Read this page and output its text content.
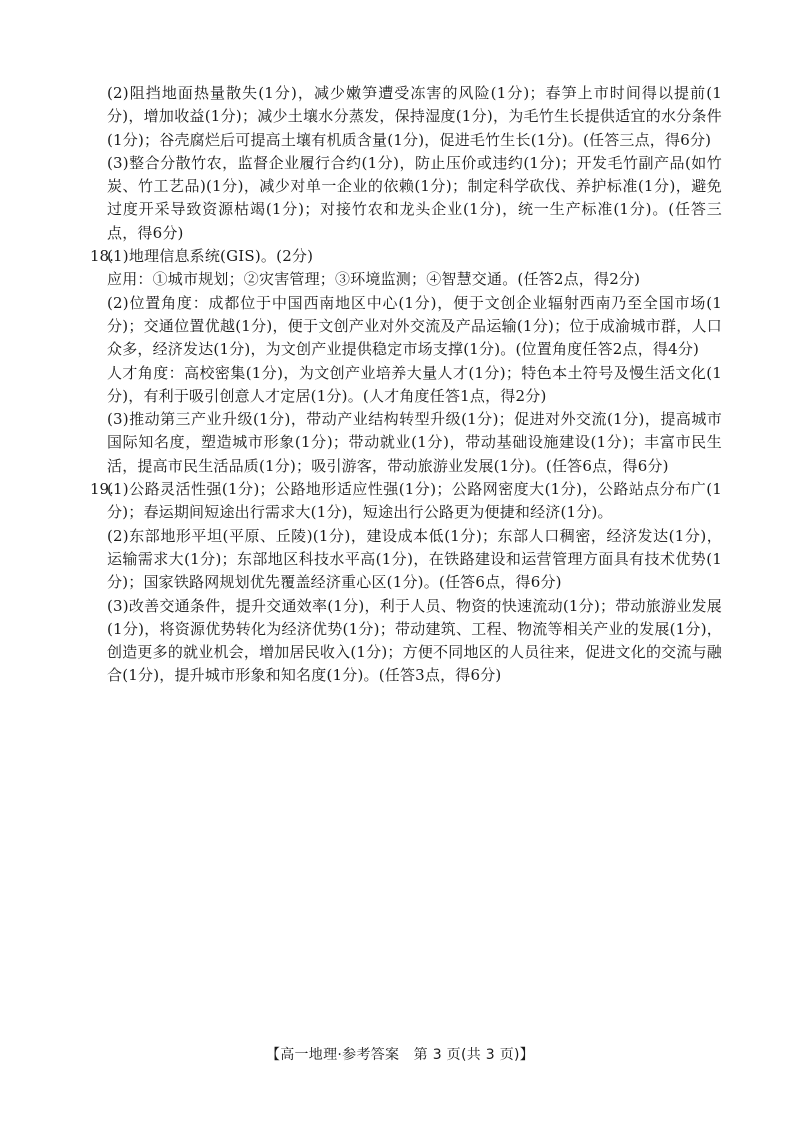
(2)阻挡地面热量散失(1分)，减少嫩笋遭受冻害的风险(1分)；春笋上市时间得以提前(1分)，增加收益(1分)；减少土壤水分蒸发，保持湿度(1分)，为毛竹生长提供适宜的水分条件(1分)；谷壳腐烂后可提高土壤有机质含量(1分)，促进毛竹生长(1分)。(任答三点，得6分)

(3)整合分散竹农，监督企业履行合约(1分)，防止压价或违约(1分)；开发毛竹副产品(如竹炭、竹工艺品)(1分)，减少对单一企业的依赖(1分)；制定科学砍伐、养护标准(1分)，避免过度开采导致资源枯竭(1分)；对接竹农和龙头企业(1分)，统一生产标准(1分)。(任答三点，得6分)

18.

(1)地理信息系统(GIS)。(2分)

应用：①城市规划；②灾害管理；③环境监测；④智慧交通。(任答2点，得2分)

(2)位置角度：成都位于中国西南地区中心(1分)，便于文创企业辐射西南乃至全国市场(1分)；交通位置优越(1分)，便于文创产业对外交流及产品运输(1分)；位于成渝城市群，人口众多，经济发达(1分)，为文创产业提供稳定市场支撑(1分)。(位置角度任答2点，得4分)

人才角度：高校密集(1分)，为文创产业培养大量人才(1分)；特色本土符号及慢生活文化(1分)，有利于吸引创意人才定居(1分)。(人才角度任答1点，得2分)

(3)推动第三产业升级(1分)，带动产业结构转型升级(1分)；促进对外交流(1分)，提高城市国际知名度，塑造城市形象(1分)；带动就业(1分)，带动基础设施建设(1分)；丰富市民生活，提高市民生活品质(1分)；吸引游客，带动旅游业发展(1分)。(任答6点，得6分)

19.

(1)公路灵活性强(1分)；公路地形适应性强(1分)；公路网密度大(1分)，公路站点分布广(1分)；春运期间短途出行需求大(1分)，短途出行公路更为便捷和经济(1分)。

(2)东部地形平坦(平原、丘陵)(1分)，建设成本低(1分)；东部人口稠密，经济发达(1分)，运输需求大(1分)；东部地区科技水平高(1分)，在铁路建设和运营管理方面具有技术优势(1分)；国家铁路网规划优先覆盖经济重心区(1分)。(任答6点，得6分)

(3)改善交通条件，提升交通效率(1分)，利于人员、物资的快速流动(1分)；带动旅游业发展(1分)，将资源优势转化为经济优势(1分)；带动建筑、工程、物流等相关产业的发展(1分)，创造更多的就业机会，增加居民收入(1分)；方便不同地区的人员往来，促进文化的交流与融合(1分)，提升城市形象和知名度(1分)。(任答3点，得6分)

【高一地理·参考答案　第 3 页(共 3 页)】
